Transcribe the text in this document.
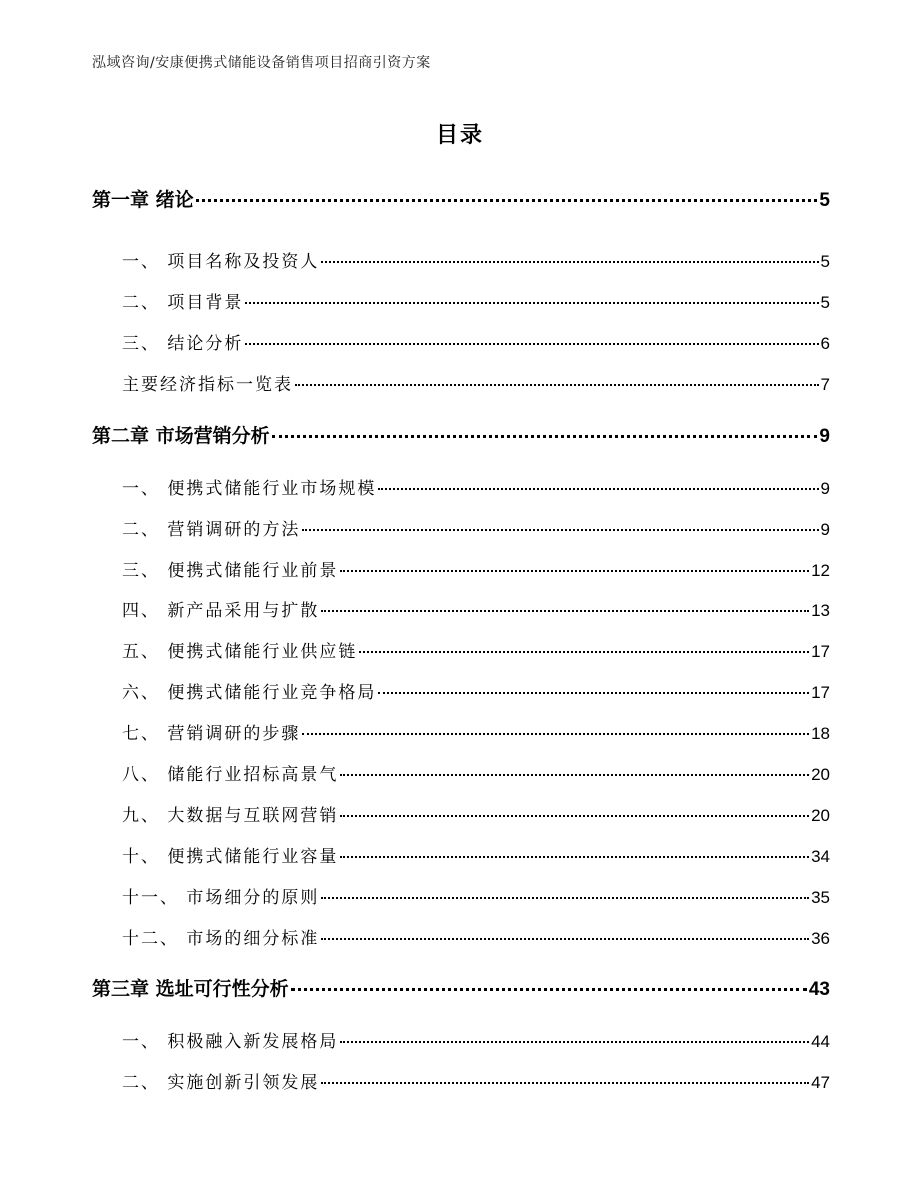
泓域咨询/安康便携式储能设备销售项目招商引资方案
目录
第一章 绪论	5
一、 项目名称及投资人	5
二、 项目背景	5
三、 结论分析	6
主要经济指标一览表	7
第二章 市场营销分析	9
一、 便携式储能行业市场规模	9
二、 营销调研的方法	9
三、 便携式储能行业前景	12
四、 新产品采用与扩散	13
五、 便携式储能行业供应链	17
六、 便携式储能行业竞争格局	17
七、 营销调研的步骤	18
八、 储能行业招标高景气	20
九、 大数据与互联网营销	20
十、 便携式储能行业容量	34
十一、 市场细分的原则	35
十二、 市场的细分标准	36
第三章 选址可行性分析	43
一、 积极融入新发展格局	44
二、 实施创新引领发展	47
